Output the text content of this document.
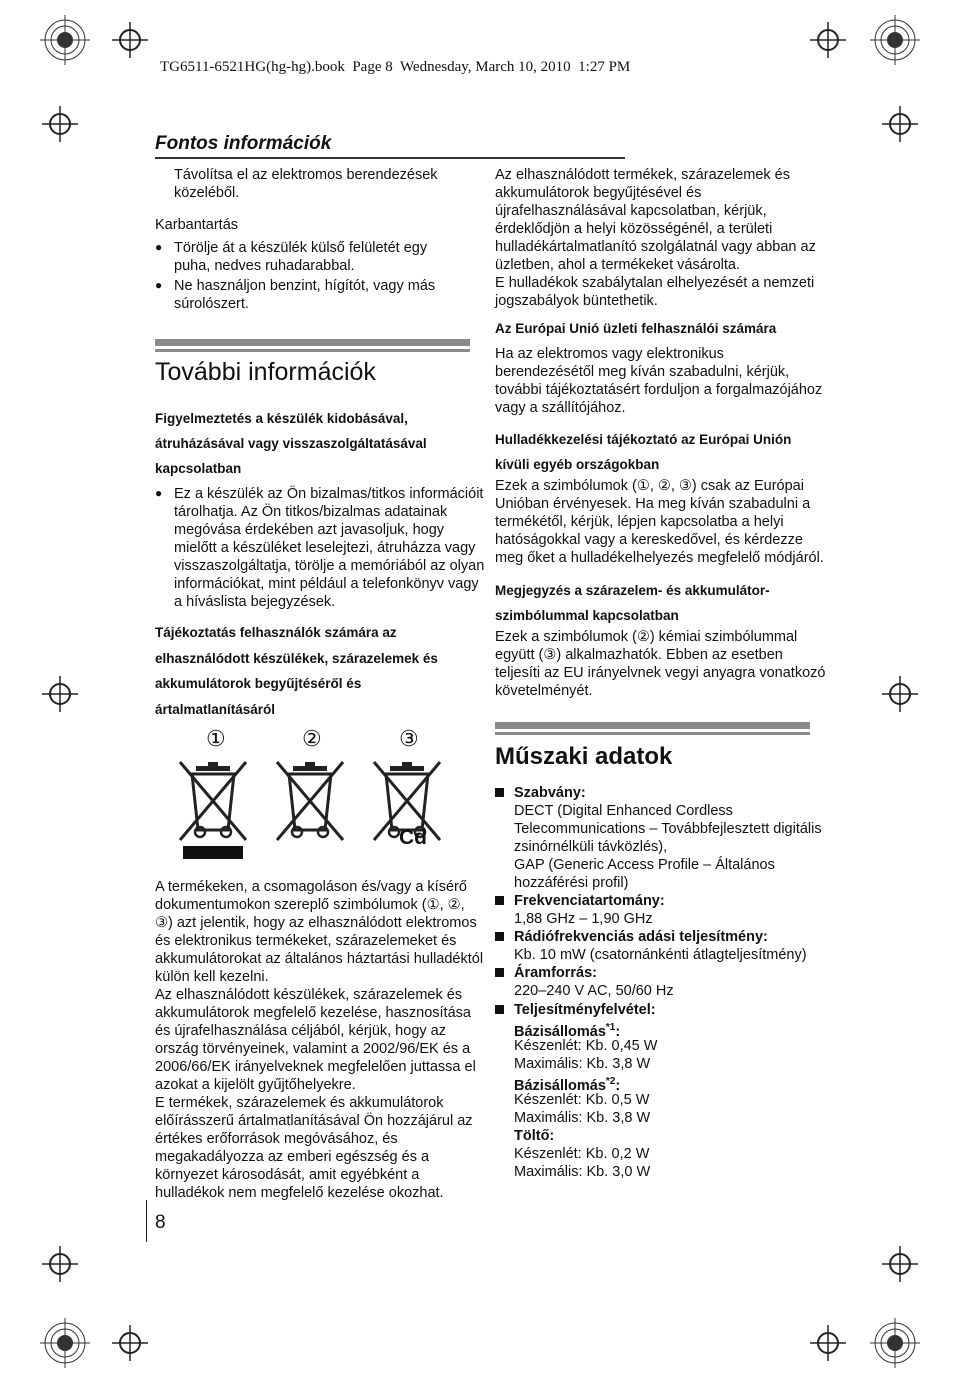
TG6511-6521HG(hg-hg).book  Page 8  Wednesday, March 10, 2010  1:27 PM
Fontos információk
Távolítsa el az elektromos berendezések
közeléből.
Karbantartás
● Törölje át a készülék külső felületét egy
puha, nedves ruhadarabbal.
● Ne használjon benzint, hígítót, vagy más
súrolószert.
További információk
Figyelmeztetés a készülék kidobásával,
átruházásával vagy visszaszolgáltatásával
kapcsolatban
● Ez a készülék az Ön bizalmas/titkos információit
tárolhatja. Az Ön titkos/bizalmas adatainak
megóvása érdekében azt javasoljuk, hogy
mielőtt a készüléket leselejtezi, átruházza vagy
visszaszolgáltatja, törölje a memóriából az olyan
információkat, mint például a telefonkönyv vagy
a híváslista bejegyzések.
Tájékoztatás felhasználók számára az
elhasználódott készülékek, szárazelemek és
akkumulátorok begyűjtéséről és
ártalmatlanításáról
①	②	③
Cd
A termékeken, a csomagoláson és/vagy a kísérő
dokumentumokon szereplő szimbólumok (①, ②,
③) azt jelentik, hogy az elhasználódott elektromos
és elektronikus termékeket, szárazelemeket és
akkumulátorokat az általános háztartási hulladéktól
külön kell kezelni.
Az elhasználódott készülékek, szárazelemek és
akkumulátorok megfelelő kezelése, hasznosítása
és újrafelhasználása céljából, kérjük, hogy az
ország törvényeinek, valamint a 2002/96/EK és a
2006/66/EK irányelveknek megfelelően juttassa el
azokat a kijelölt gyűjtőhelyekre.
E termékek, szárazelemek és akkumulátorok
előírásszerű ártalmatlanításával Ön hozzájárul az
értékes erőforrások megóvásához, és
megakadályozza az emberi egészség és a
környezet károsodását, amit egyébként a
hulladékok nem megfelelő kezelése okozhat.
8
Az elhasználódott termékek, szárazelemek és
akkumulátorok begyűjtésével és
újrafelhasználásával kapcsolatban, kérjük,
érdeklődjön a helyi közösségénél, a területi
hulladékártalmatlanító szolgálatnál vagy abban az
üzletben, ahol a termékeket vásárolta.
E hulladékok szabálytalan elhelyezését a nemzeti
jogszabályok büntethetik.
Az Európai Unió üzleti felhasználói számára
Ha az elektromos vagy elektronikus
berendezésétől meg kíván szabadulni, kérjük,
további tájékoztatásért forduljon a forgalmazójához
vagy a szállítójához.
Hulladékkezelési tájékoztató az Európai Unión
kívüli egyéb országokban
Ezek a szimbólumok (①, ②, ③) csak az Európai
Unióban érvényesek. Ha meg kíván szabadulni a
termékétől, kérjük, lépjen kapcsolatba a helyi
hatóságokkal vagy a kereskedővel, és kérdezze
meg őket a hulladékelhelyezés megfelelő módjáról.
Megjegyzés a szárazelem- és akkumulátor-
szimbólummal kapcsolatban
Ezek a szimbólumok (②) kémiai szimbólummal
együtt (③) alkalmazhatók. Ebben az esetben
teljesíti az EU irányelvnek vegyi anyagra vonatkozó
követelményét.
Műszaki adatok
Szabvány:
DECT (Digital Enhanced Cordless
Telecommunications – Továbbfejlesztett digitális
zsinórnélküli távközlés),
GAP (Generic Access Profile – Általános
hozzáférési profil)
Frekvenciatartomány:
1,88 GHz – 1,90 GHz
Rádiófrekvenciás adási teljesítmény:
Kb. 10 mW (csatornánkénti átlagteljesítmény)
Áramforrás:
220–240 V AC, 50/60 Hz
Teljesítményfelvétel:
Bázisállomás$^{*1}$:
Készenlét: Kb. 0,45 W
Maximális: Kb. 3,8 W
Bázisállomás$^{*2}$:
Készenlét: Kb. 0,5 W
Maximális: Kb. 3,8 W
Töltő:
Készenlét: Kb. 0,2 W
Maximális: Kb. 3,0 W
